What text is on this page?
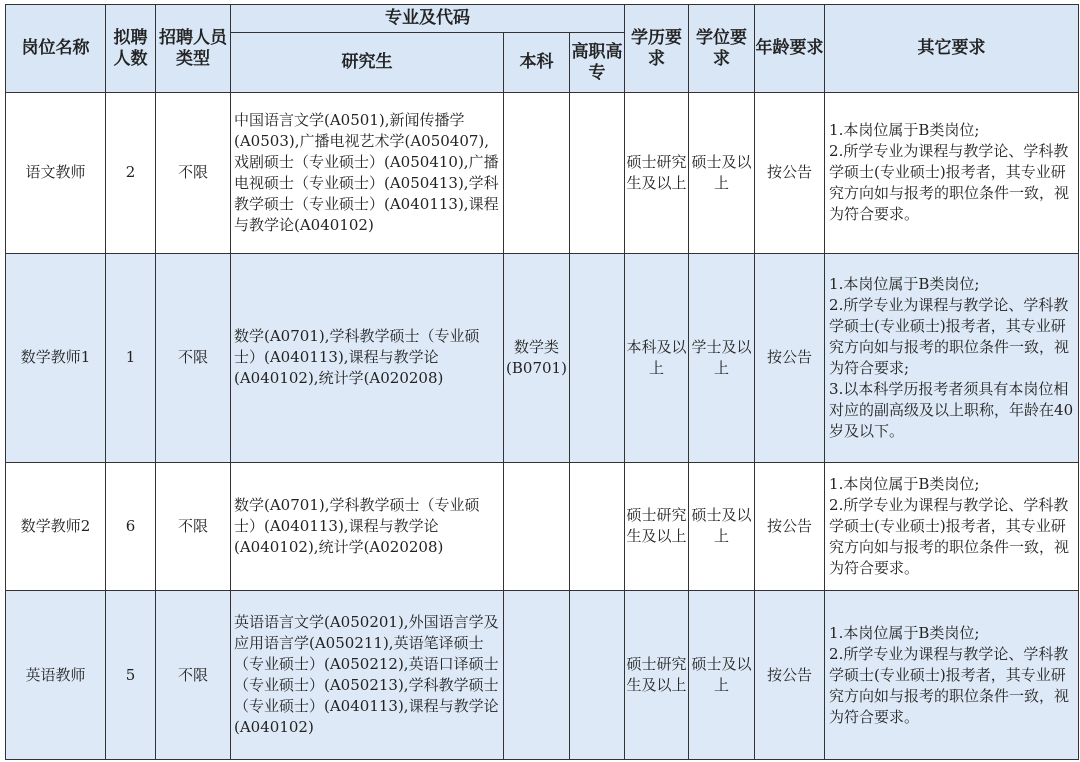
岗位名称	拟聘人数	招聘人员类型	专业及代码			学历要求	学位要求	年龄要求	其它要求
			研究生	本科	高职高专				
语文教师	2	不限	中国语言文学(A0501),新闻传播学(A0503),广播电视艺术学(A050407),戏剧硕士（专业硕士）(A050410),广播电视硕士（专业硕士）(A050413),学科教学硕士（专业硕士）(A040113),课程与教学论(A040102)			硕士研究生及以上	硕士及以上	按公告	1.本岗位属于B类岗位;
2.所学专业为课程与教学论、学科教学硕士(专业硕士)报考者，其专业研究方向如与报考的职位条件一致，视为符合要求。

数学教师1	1	不限	数学(A0701),学科教学硕士（专业硕士）(A040113),课程与教学论(A040102),统计学(A020208)	数学类(B0701)		本科及以上	学士及以上	按公告	1.本岗位属于B类岗位;
2.所学专业为课程与教学论、学科教学硕士(专业硕士)报考者，其专业研究方向如与报考的职位条件一致，视为符合要求;
3.以本科学历报考者须具有本岗位相对应的副高级及以上职称，年龄在40岁及以下。

数学教师2	6	不限	数学(A0701),学科教学硕士（专业硕士）(A040113),课程与教学论(A040102),统计学(A020208)			硕士研究生及以上	硕士及以上	按公告	1.本岗位属于B类岗位;
2.所学专业为课程与教学论、学科教学硕士(专业硕士)报考者，其专业研究方向如与报考的职位条件一致，视为符合要求。

英语教师	5	不限	英语语言文学(A050201),外国语言学及应用语言学(A050211),英语笔译硕士（专业硕士）(A050212),英语口译硕士（专业硕士）(A050213),学科教学硕士（专业硕士）(A040113),课程与教学论(A040102)			硕士研究生及以上	硕士及以上	按公告	1.本岗位属于B类岗位;
2.所学专业为课程与教学论、学科教学硕士(专业硕士)报考者，其专业研究方向如与报考的职位条件一致，视为符合要求。
